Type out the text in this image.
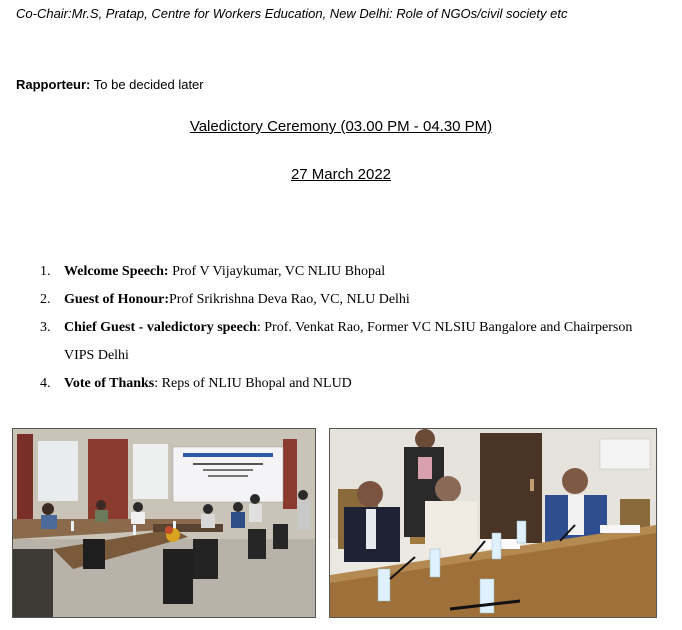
Co-Chair:Mr.S, Pratap, Centre for Workers Education, New Delhi: Role of NGOs/civil society etc
Rapporteur: To be decided later
Valedictory Ceremony (03.00 PM - 04.30 PM)
27 March 2022
1. Welcome Speech: Prof V Vijaykumar, VC NLIU Bhopal
2. Guest of Honour:Prof Srikrishna Deva Rao, VC, NLU Delhi
3. Chief Guest - valedictory speech: Prof. Venkat Rao, Former VC NLSIU Bangalore and Chairperson VIPS Delhi
4. Vote of Thanks: Reps of NLIU Bhopal and NLUD
